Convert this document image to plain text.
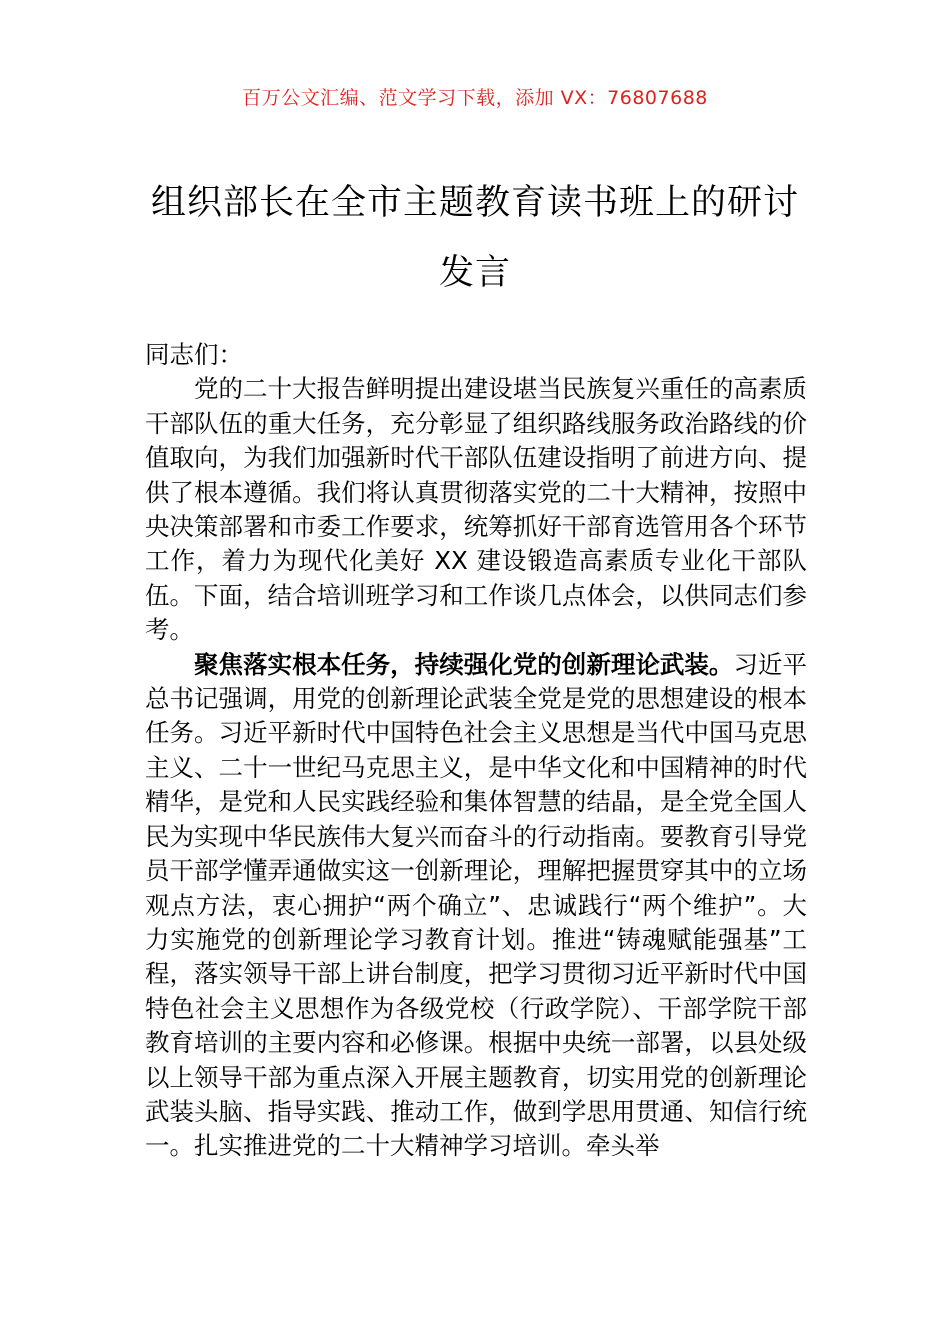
百万公文汇编、范文学习下载，添加 VX：76807688
组织部长在全市主题教育读书班上的研讨发言

同志们：

党的二十大报告鲜明提出建设堪当民族复兴重任的高素质干部队伍的重大任务，充分彰显了组织路线服务政治路线的价值取向，为我们加强新时代干部队伍建设指明了前进方向、提供了根本遵循。我们将认真贯彻落实党的二十大精神，按照中央决策部署和市委工作要求，统筹抓好干部育选管用各个环节工作，着力为现代化美好 XX 建设锻造高素质专业化干部队伍。下面，结合培训班学习和工作谈几点体会，以供同志们参考。

聚焦落实根本任务，持续强化党的创新理论武装。习近平总书记强调，用党的创新理论武装全党是党的思想建设的根本任务。习近平新时代中国特色社会主义思想是当代中国马克思主义、二十一世纪马克思主义，是中华文化和中国精神的时代精华，是党和人民实践经验和集体智慧的结晶，是全党全国人民为实现中华民族伟大复兴而奋斗的行动指南。要教育引导党员干部学懂弄通做实这一创新理论，理解把握贯穿其中的立场观点方法，衷心拥护“两个确立”、忠诚践行“两个维护”。大力实施党的创新理论学习教育计划。推进“铸魂赋能强基”工程，落实领导干部上讲台制度，把学习贯彻习近平新时代中国特色社会主义思想作为各级党校（行政学院）、干部学院干部教育培训的主要内容和必修课。根据中央统一部署，以县处级以上领导干部为重点深入开展主题教育，切实用党的创新理论武装头脑、指导实践、推动工作，做到学思用贯通、知信行统一。扎实推进党的二十大精神学习培训。牵头举
